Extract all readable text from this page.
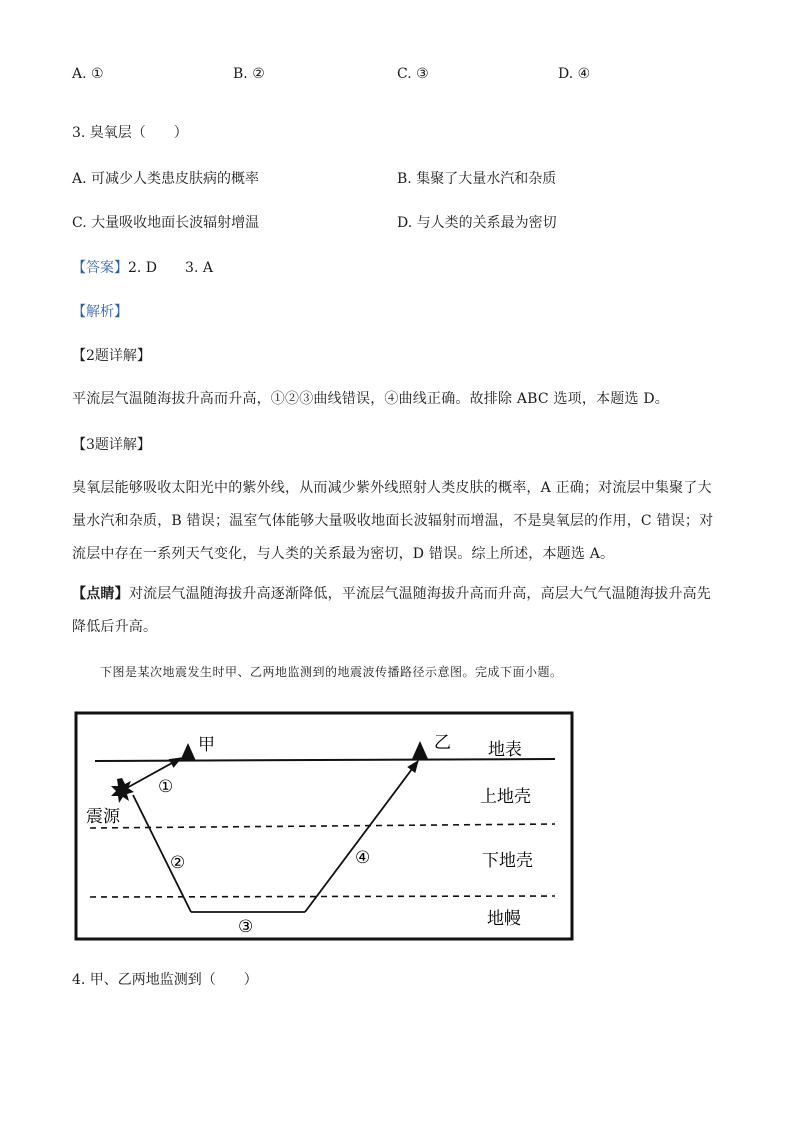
A. ①	B. ②	C. ③	D. ④
3. 臭氧层（　　）
A. 可减少人类患皮肤病的概率	B. 集聚了大量水汽和杂质
C. 大量吸收地面长波辐射增温	D. 与人类的关系最为密切
【答案】2. D　　3. A
【解析】
【2题详解】
平流层气温随海拔升高而升高，①②③曲线错误，④曲线正确。故排除 ABC 选项，本题选 D。
【3题详解】
臭氧层能够吸收太阳光中的紫外线，从而减少紫外线照射人类皮肤的概率，A 正确；对流层中集聚了大量水汽和杂质，B 错误；温室气体能够大量吸收地面长波辐射而增温，不是臭氧层的作用，C 错误；对流层中存在一系列天气变化，与人类的关系最为密切，D 错误。综上所述，本题选 A。
【点睛】对流层气温随海拔升高逐渐降低，平流层气温随海拔升高而升高，高层大气气温随海拔升高先降低后升高。
下图是某次地震发生时甲、乙两地监测到的地震波传播路径示意图。完成下面小题。
甲	乙
震源
地表
上地壳
下地壳
地幔
①
②
③
④
4. 甲、乙两地监测到（　　）
